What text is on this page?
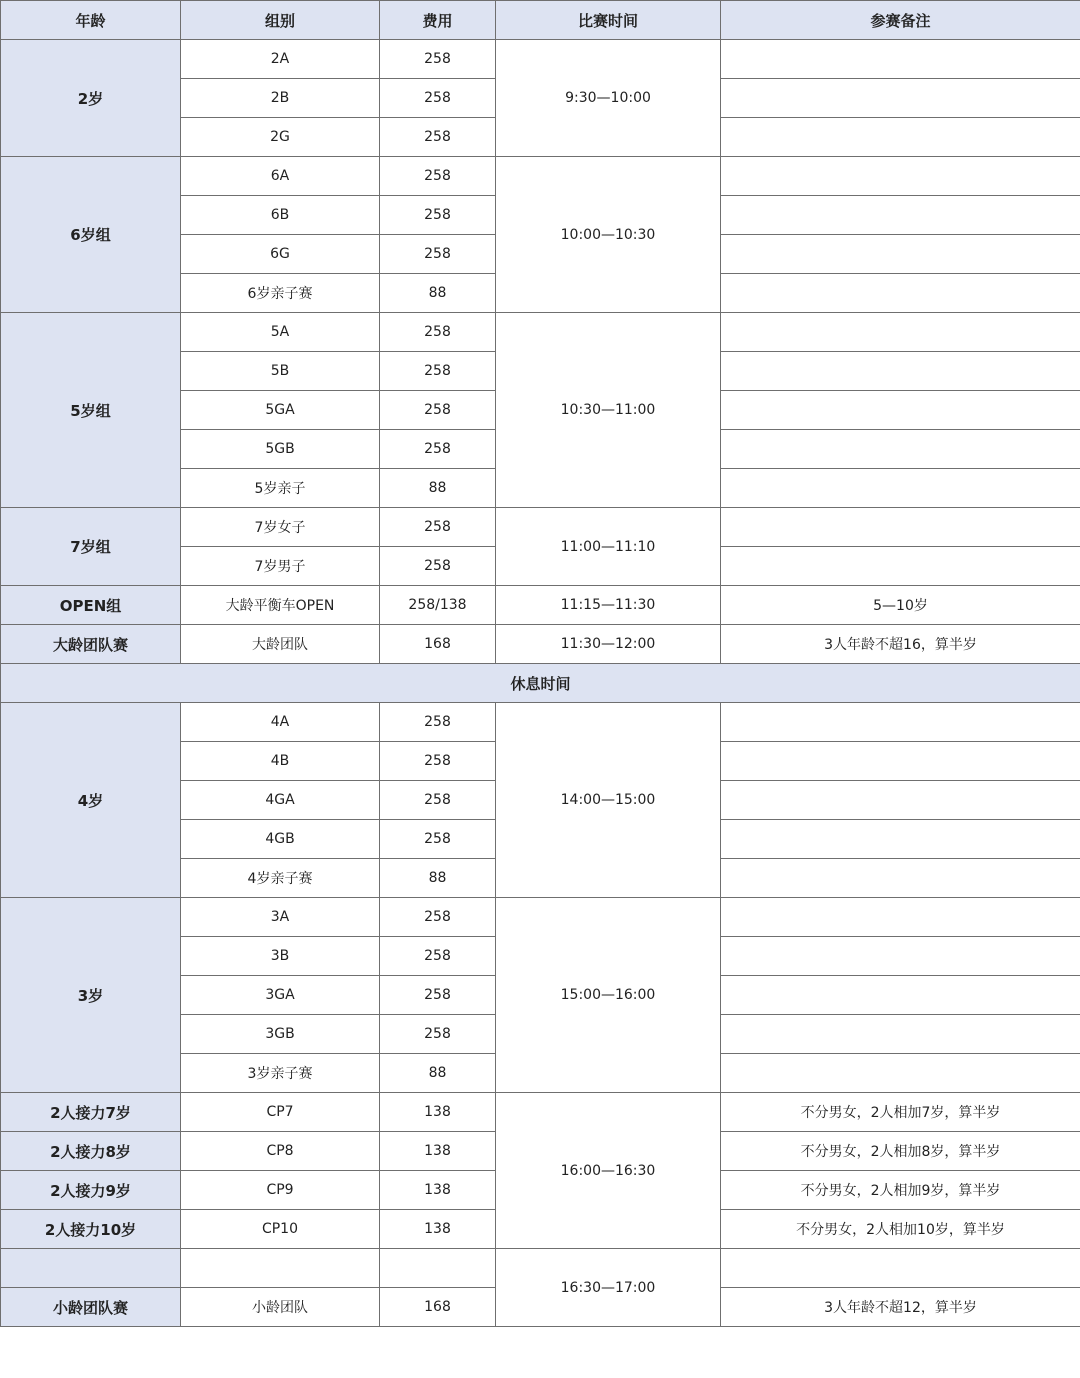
年龄	组别	费用	比赛时间	参赛备注
2岁	2A	258	9:30—10:00	
	2B	258		
	2G	258		
6岁组	6A	258	10:00—10:30	
	6B	258		
	6G	258		
	6岁亲子赛	88		
5岁组	5A	258	10:30—11:00	
	5B	258		
	5GA	258		
	5GB	258		
	5岁亲子	88		
7岁组	7岁女子	258	11:00—11:10	
	7岁男子	258		
OPEN组	大龄平衡车OPEN	258/138	11:15—11:30	5—10岁
大龄团队赛	大龄团队	168	11:30—12:00	3人年龄不超16，算半岁
休息时间				
4岁	4A	258	14:00—15:00	
	4B	258		
	4GA	258		
	4GB	258		
	4岁亲子赛	88		
3岁	3A	258	15:00—16:00	
	3B	258		
	3GA	258		
	3GB	258		
	3岁亲子赛	88		
2人接力7岁	CP7	138	16:00—16:30	不分男女，2人相加7岁，算半岁
2人接力8岁	CP8	138		不分男女，2人相加8岁，算半岁
2人接力9岁	CP9	138		不分男女，2人相加9岁，算半岁
2人接力10岁	CP10	138		不分男女，2人相加10岁，算半岁
			16:30—17:00	
小龄团队赛	小龄团队	168		3人年龄不超12，算半岁
